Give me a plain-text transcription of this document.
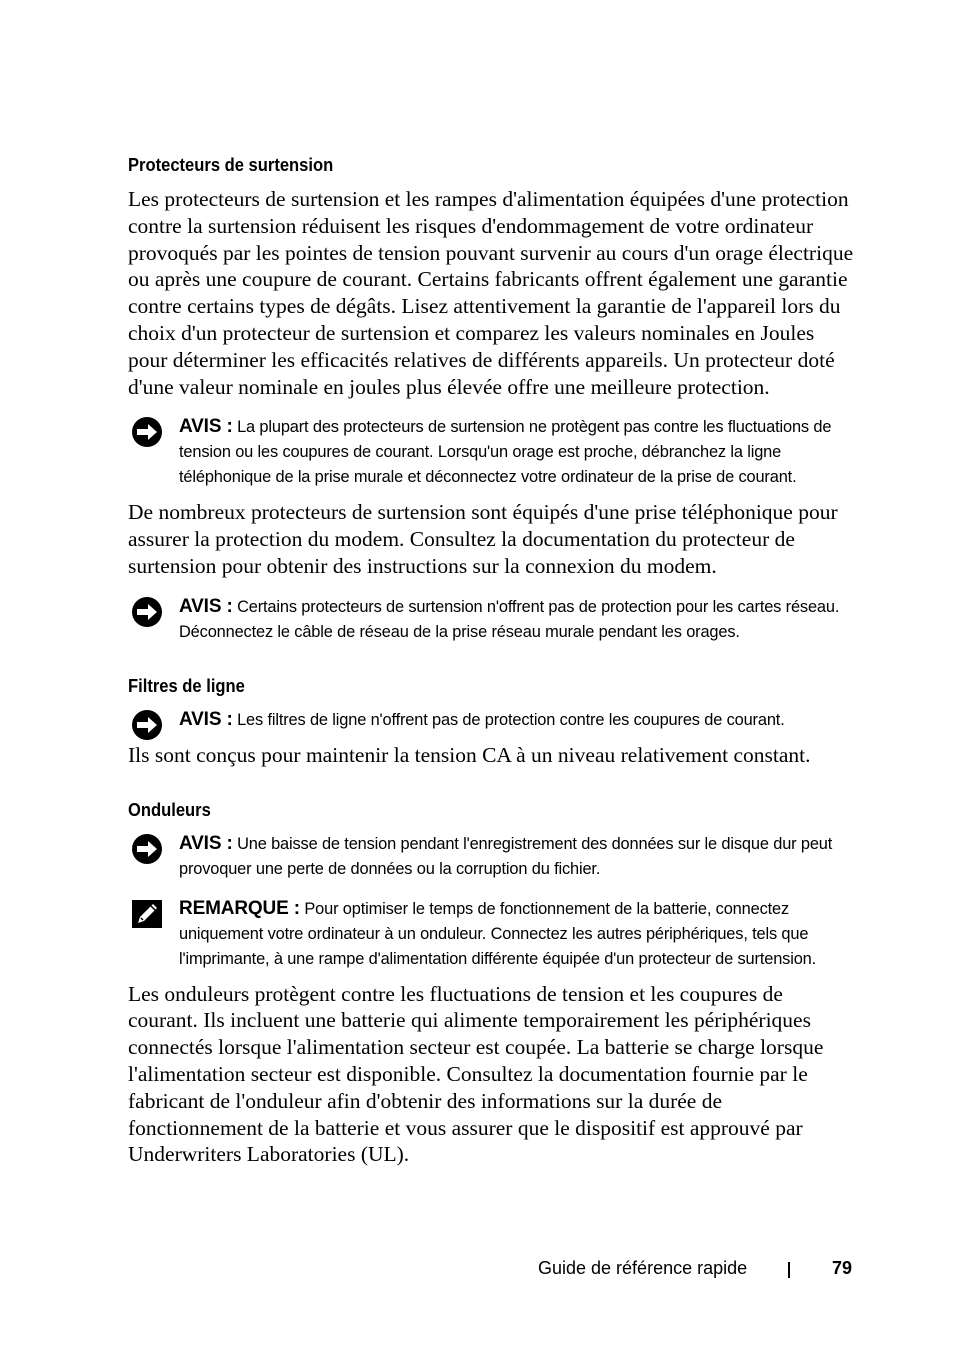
Protecteurs de surtension

Les protecteurs de surtension et les rampes d'alimentation équipées d'une protection contre la surtension réduisent les risques d'endommagement de votre ordinateur provoqués par les pointes de tension pouvant survenir au cours d'un orage électrique ou après une coupure de courant. Certains fabricants offrent également une garantie contre certains types de dégâts. Lisez attentivement la garantie de l'appareil lors du choix d'un protecteur de surtension et comparez les valeurs nominales en Joules pour déterminer les efficacités relatives de différents appareils. Un protecteur doté d'une valeur nominale en joules plus élevée offre une meilleure protection.

AVIS : La plupart des protecteurs de surtension ne protègent pas contre les fluctuations de tension ou les coupures de courant. Lorsqu'un orage est proche, débranchez la ligne téléphonique de la prise murale et déconnectez votre ordinateur de la prise de courant.

De nombreux protecteurs de surtension sont équipés d'une prise téléphonique pour assurer la protection du modem. Consultez la documentation du protecteur de surtension pour obtenir des instructions sur la connexion du modem.

AVIS : Certains protecteurs de surtension n'offrent pas de protection pour les cartes réseau. Déconnectez le câble de réseau de la prise réseau murale pendant les orages.
Filtres de ligne
AVIS : Les filtres de ligne n'offrent pas de protection contre les coupures de courant.

Ils sont conçus pour maintenir la tension CA à un niveau relativement constant.

Onduleurs
AVIS : Une baisse de tension pendant l'enregistrement des données sur le disque dur peut provoquer une perte de données ou la corruption du fichier.
REMARQUE : Pour optimiser le temps de fonctionnement de la batterie, connectez uniquement votre ordinateur à un onduleur. Connectez les autres périphériques, tels que l'imprimante, à une rampe d'alimentation différente équipée d'un protecteur de surtension.

Les onduleurs protègent contre les fluctuations de tension et les coupures de courant. Ils incluent une batterie qui alimente temporairement les périphériques connectés lorsque l'alimentation secteur est coupée. La batterie se charge lorsque l'alimentation secteur est disponible. Consultez la documentation fournie par le fabricant de l'onduleur afin d'obtenir des informations sur la durée de fonctionnement de la batterie et vous assurer que le dispositif est approuvé par Underwriters Laboratories (UL).

Guide de référence rapide	79
